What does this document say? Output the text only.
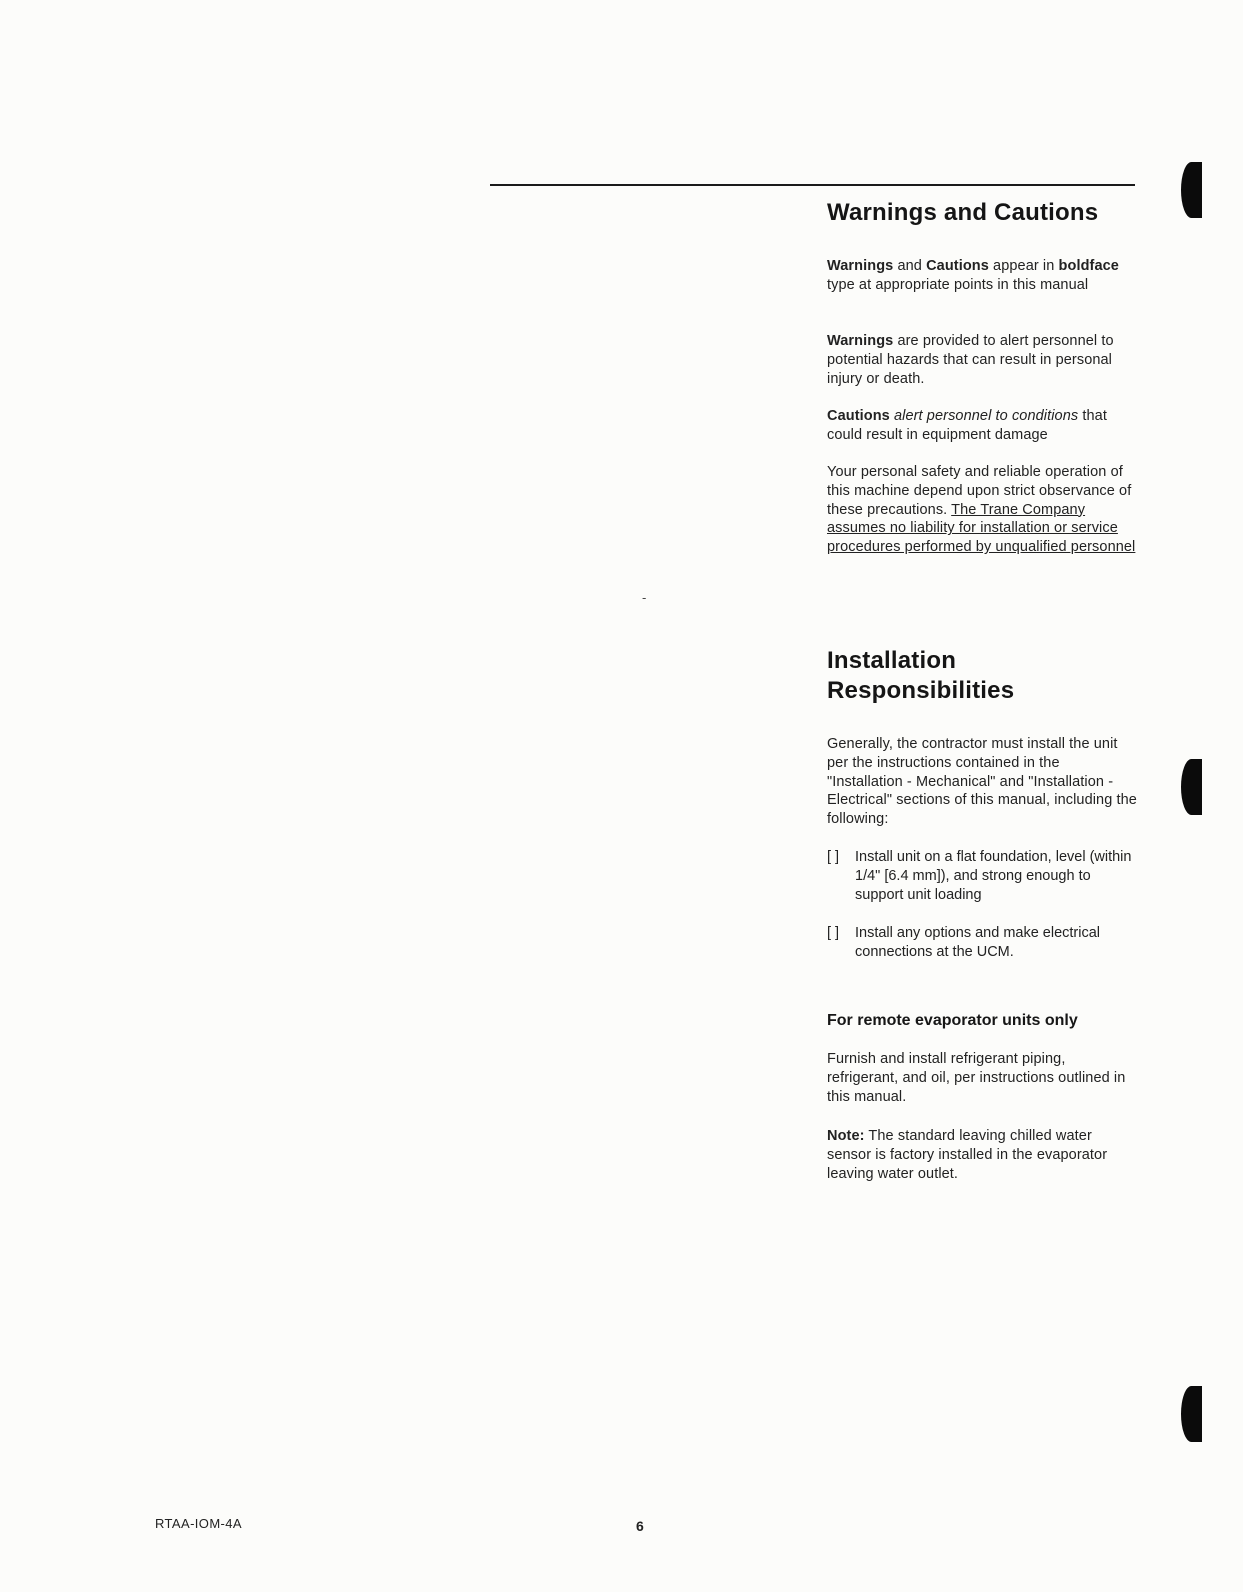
Warnings and Cautions

Warnings and Cautions appear in boldface type at appropriate points in this manual

Warnings are provided to alert personnel to potential hazards that can result in personal injury or death.

Cautions alert personnel to conditions that could result in equipment damage

Your personal safety and reliable operation of this machine depend upon strict observance of these precautions. The Trane Company assumes no liability for installation or service procedures performed by unqualified personnel

-
Installation
Responsibilities

Generally, the contractor must install the unit per the instructions contained in the "Installation - Mechanical" and "Installation - Electrical" sections of this manual, including the following:

[ ]	Install unit on a flat foundation, level (within 1/4" [6.4 mm]), and strong enough to support unit loading
[ ]	Install any options and make electrical connections at the UCM.
For remote evaporator units only

Furnish and install refrigerant piping, refrigerant, and oil, per instructions outlined in this manual.

Note: The standard leaving chilled water sensor is factory installed in the evaporator leaving water outlet.

RTAA-IOM-4A	6
